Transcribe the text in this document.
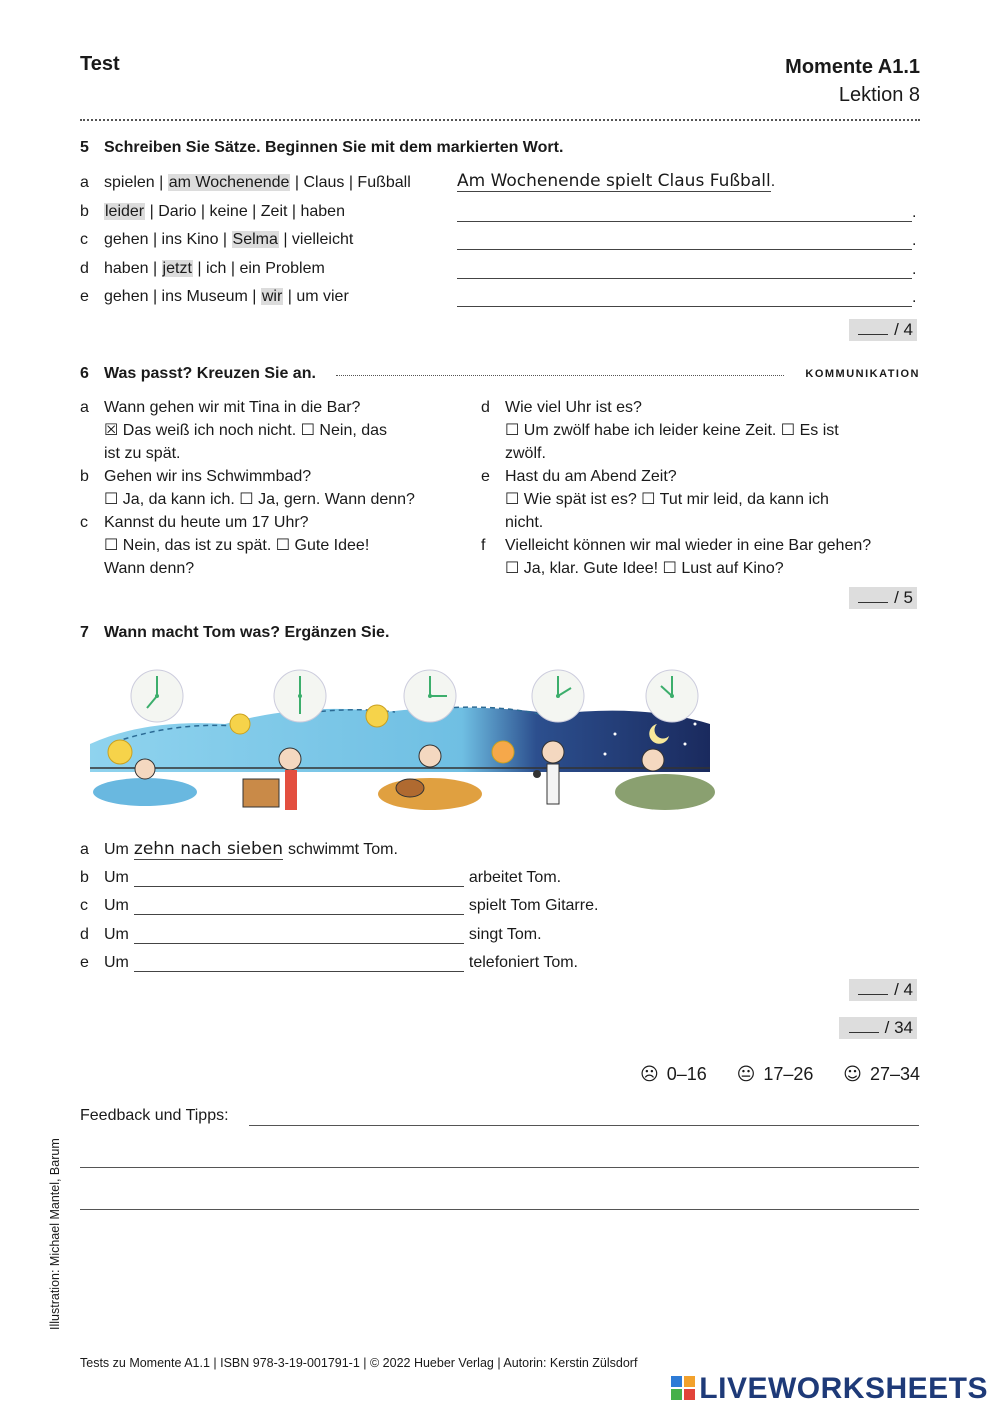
Test	Momente A1.1
Lektion 8
5 Schreiben Sie Sätze. Beginnen Sie mit dem markierten Wort.
a spielen | am Wochenende | Claus | Fußball	Am Wochenende spielt Claus Fußball.
b leider | Dario | keine | Zeit | haben	.
c gehen | ins Kino | Selma | vielleicht	.
d haben | jetzt | ich | ein Problem	.
e gehen | ins Museum | wir | um vier	.
/ 4
6 Was passt? Kreuzen Sie an.	KOMMUNIKATION
a Wann gehen wir mit Tina in die Bar?
☒ Das weiß ich noch nicht. ☐ Nein, das
ist zu spät.
b Gehen wir ins Schwimmbad?
☐ Ja, da kann ich. ☐ Ja, gern. Wann denn?
c Kannst du heute um 17 Uhr?
☐ Nein, das ist zu spät. ☐ Gute Idee!
Wann denn?
d Wie viel Uhr ist es?
☐ Um zwölf habe ich leider keine Zeit. ☐ Es ist
zwölf.
e Hast du am Abend Zeit?
☐ Wie spät ist es? ☐ Tut mir leid, da kann ich
nicht.
f Vielleicht können wir mal wieder in eine Bar gehen?
☐ Ja, klar. Gute Idee! ☐ Lust auf Kino?
/ 5
7 Wann macht Tom was? Ergänzen Sie.
a Um zehn nach sieben schwimmt Tom.
b Um	arbeitet Tom.
c Um	spielt Tom Gitarre.
d Um	singt Tom.
e Um	telefoniert Tom.
/ 4
/ 34
☹ 0–16 😐 17–26 ☺ 27–34
Feedback und Tipps:
Illustration: Michael Mantel, Barum
Tests zu Momente A1.1 | ISBN 978-3-19-001791-1 | © 2022 Hueber Verlag | Autorin: Kerstin Zülsdorf
LIVEWORKSHEETS
